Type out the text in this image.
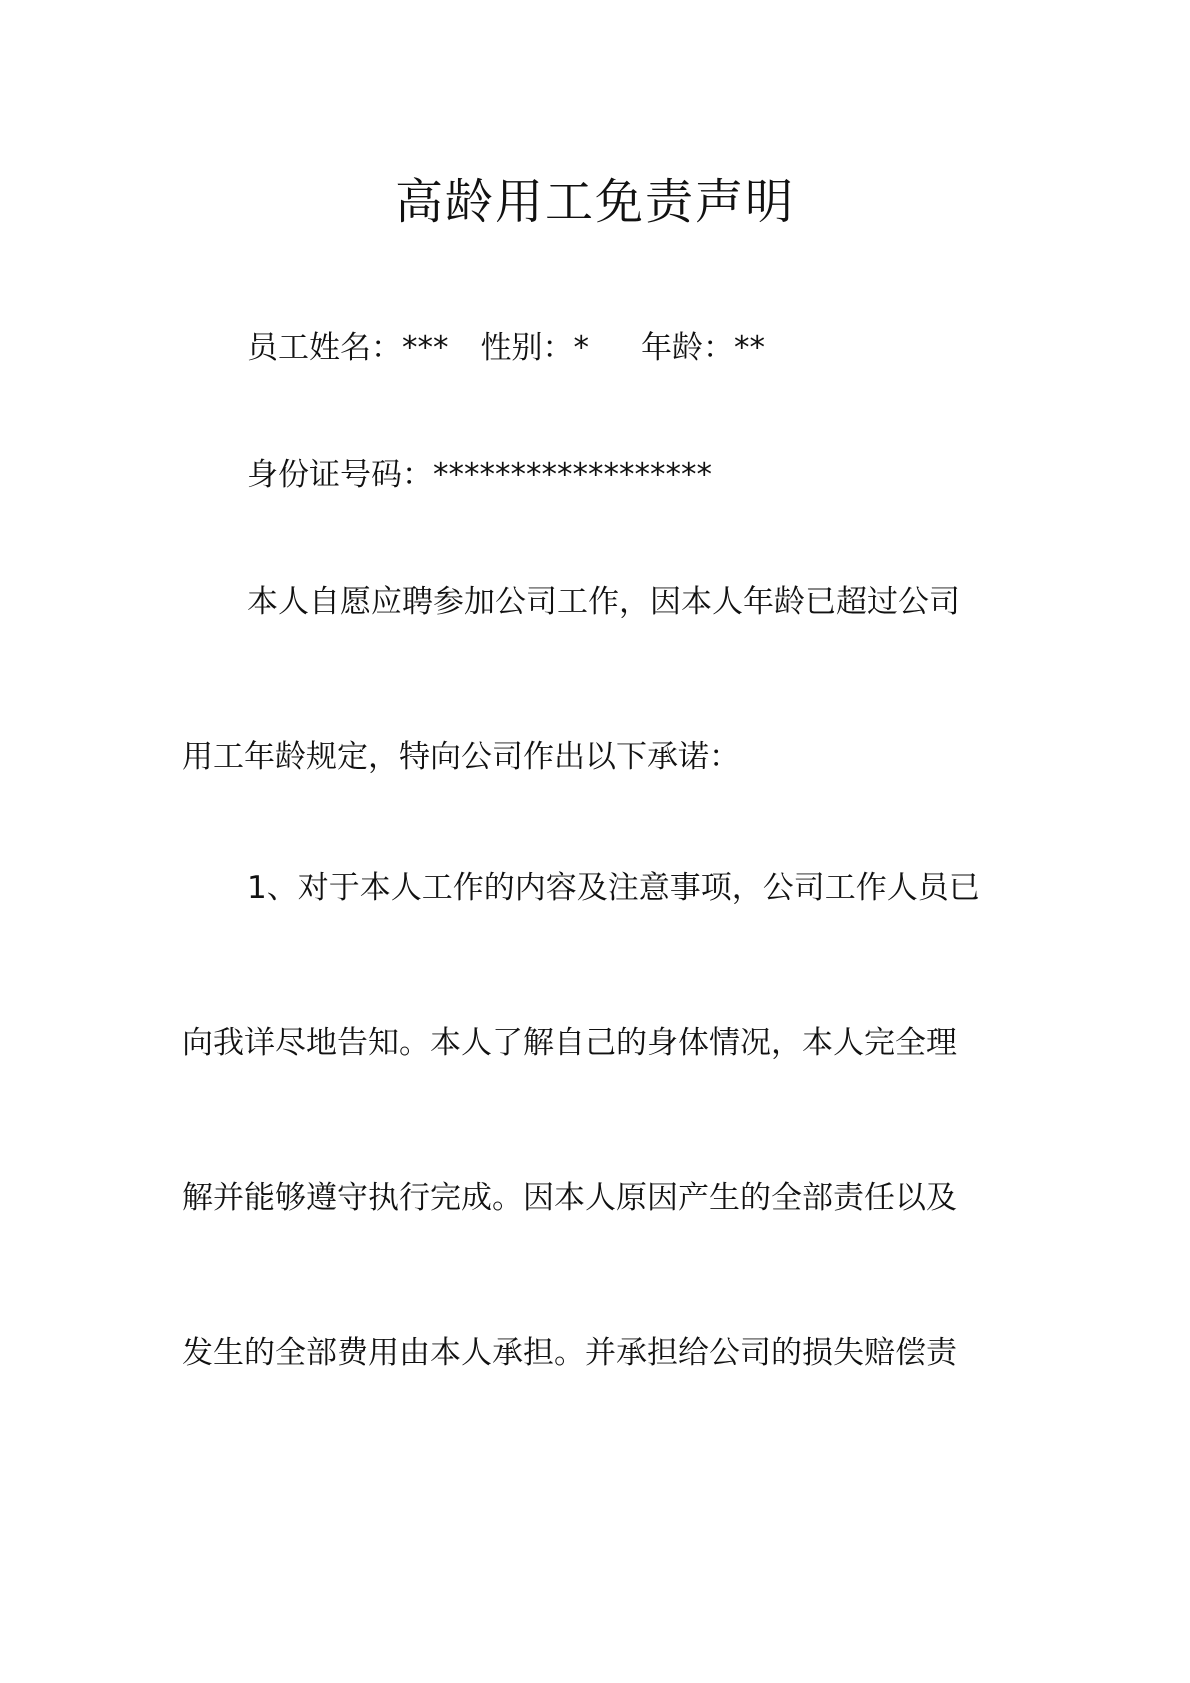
高龄用工免责声明
员工姓名：*** 性别：* 年龄：**
身份证号码：******************
本人自愿应聘参加公司工作，因本人年龄已超过公司
用工年龄规定，特向公司作出以下承诺：
1、对于本人工作的内容及注意事项，公司工作人员已
向我详尽地告知。本人了解自己的身体情况，本人完全理
解并能够遵守执行完成。因本人原因产生的全部责任以及
发生的全部费用由本人承担。并承担给公司的损失赔偿责
